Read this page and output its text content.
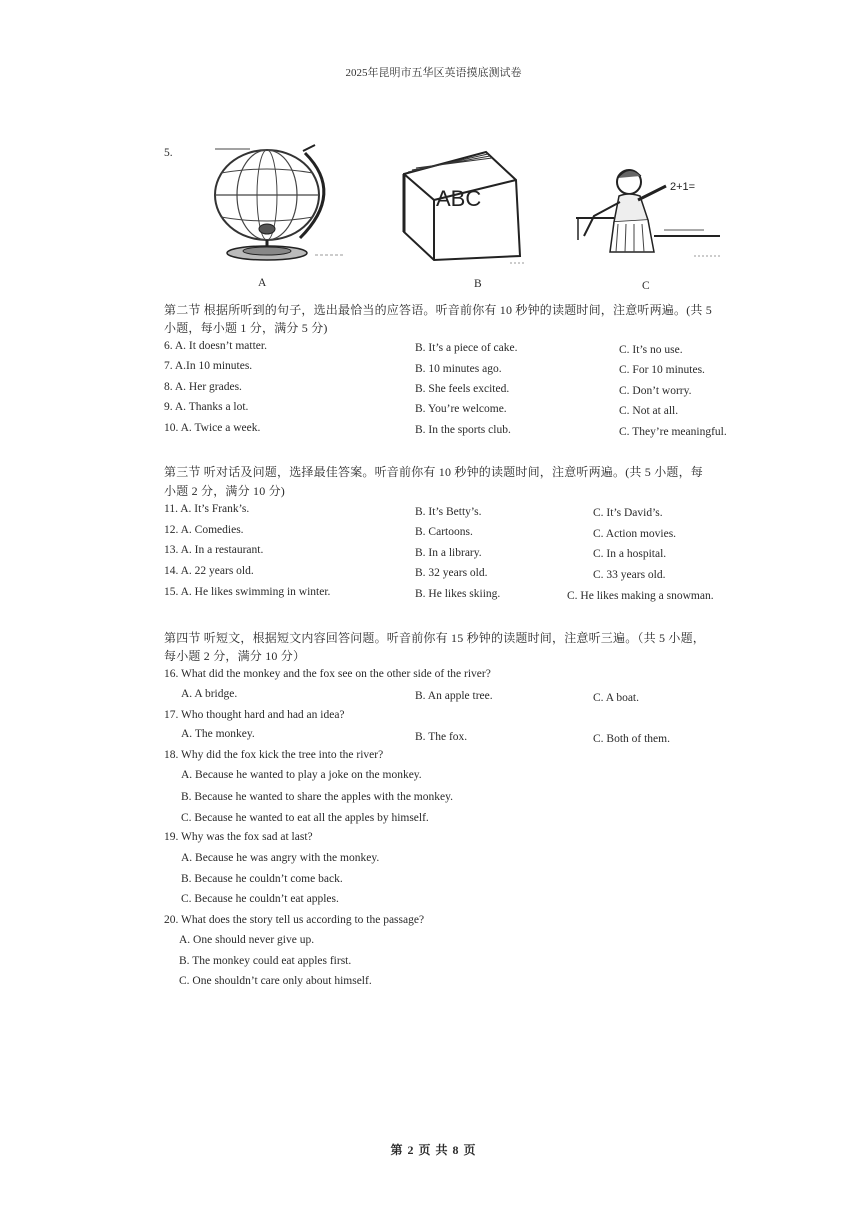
2025年昆明市五华区英语摸底测试卷
5.
ABC	2+1=
A	B	C
第二节 根据所听到的句子，选出最恰当的应答语。听音前你有 10 秒钟的读题时间，注意听两遍。(共 5
小题，每小题 1 分，满分 5 分)
6. A. It doesn’t matter.	B. It’s a piece of cake.	C. It’s no use.
7. A.In 10 minutes.	B. 10 minutes ago.	C. For 10 minutes.
8. A. Her grades.	B. She feels excited.	C. Don’t worry.
9. A. Thanks a lot.	B. You’re welcome.	C. Not at all.
10. A. Twice a week.	B. In the sports club.	C. They’re meaningful.
第三节 听对话及问题，选择最佳答案。听音前你有 10 秒钟的读题时间，注意听两遍。(共 5 小题，每
小题 2 分，满分 10 分)
11. A. It’s Frank’s.	B. It’s Betty’s.	C. It’s David’s.
12. A. Comedies.	B. Cartoons.	C. Action movies.
13. A. In a restaurant.	B. In a library.	C. In a hospital.
14. A. 22 years old.	B. 32 years old.	C. 33 years old.
15. A. He likes swimming in winter.	B. He likes skiing.	C. He likes making a snowman.
第四节 听短文，根据短文内容回答问题。听音前你有 15 秒钟的读题时间，注意听三遍。（共 5 小题，
每小题 2 分，满分 10 分）
16. What did the monkey and the fox see on the other side of the river?
A. A bridge.	B. An apple tree.	C. A boat.
17. Who thought hard and had an idea?
A. The monkey.	B. The fox.	C. Both of them.
18. Why did the fox kick the tree into the river?
A. Because he wanted to play a joke on the monkey.
B. Because he wanted to share the apples with the monkey.
C. Because he wanted to eat all the apples by himself.
19. Why was the fox sad at last?
A. Because he was angry with the monkey.
B. Because he couldn’t come back.
C. Because he couldn’t eat apples.
20. What does the story tell us according to the passage?
A. One should never give up.
B. The monkey could eat apples first.
C. One shouldn’t care only about himself.
第 2 页 共 8 页
